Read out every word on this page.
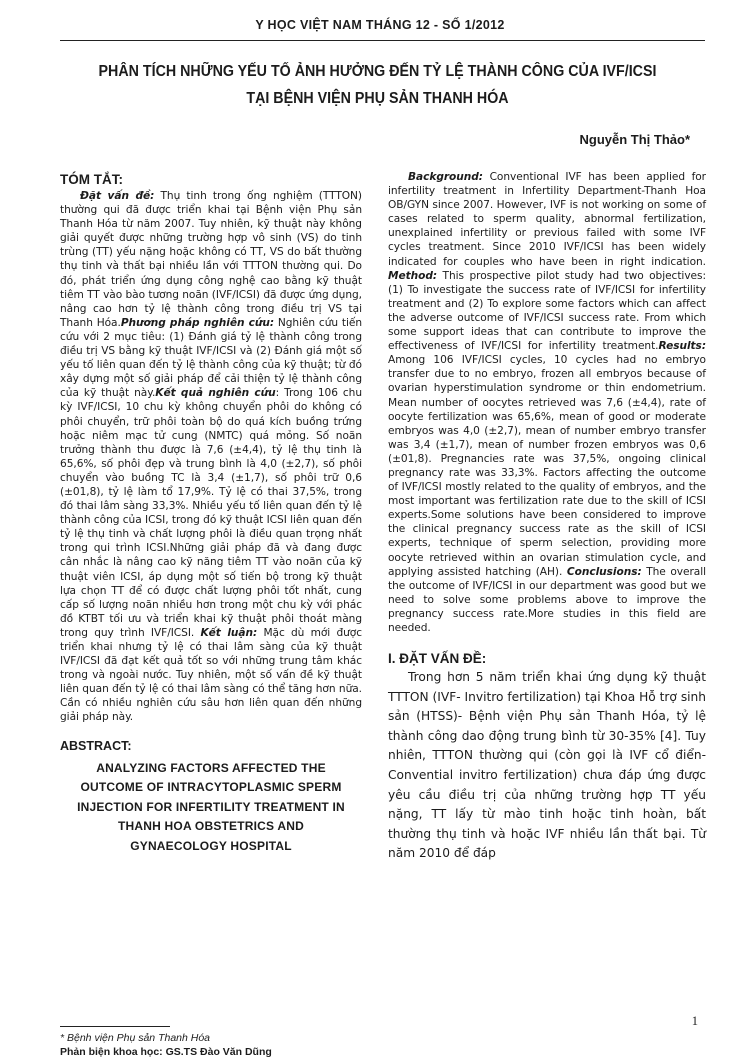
Y HỌC VIỆT NAM THÁNG 12 - SỐ 1/2012
PHÂN TÍCH NHỮNG YẾU TỐ ẢNH HƯỞNG ĐẾN TỶ LỆ THÀNH CÔNG CỦA IVF/ICSI
TẠI BỆNH VIỆN PHỤ SẢN THANH HÓA
Nguyễn Thị Thảo*
TÓM TẮT:

Đặt vấn đề: Thụ tinh trong ống nghiệm (TTTON) thường qui đã được triển khai tại Bệnh viện Phụ sản Thanh Hóa từ năm 2007. Tuy nhiên, kỹ thuật này không giải quyết được những trường hợp vô sinh (VS) do tinh trùng (TT) yếu nặng hoặc không có TT, VS do bất thường thụ tinh và thất bại nhiều lần với TTTON thường qui. Do đó, phát triển ứng dụng công nghệ cao bằng kỹ thuật tiêm TT vào bào tương noãn (IVF/ICSI) đã được ứng dụng, nâng cao hơn tỷ lệ thành công trong điều trị VS tại Thanh Hóa.Phương pháp nghiên cứu: Nghiên cứu tiến cứu với 2 mục tiêu: (1) Đánh giá tỷ lệ thành công trong điều trị VS bằng kỹ thuật IVF/ICSI và (2) Đánh giá một số yếu tố liên quan đến tỷ lệ thành công của kỹ thuật; từ đó xây dựng một số giải pháp để cải thiện tỷ lệ thành công của kỹ thuật này.Kết quả nghiên cứu: Trong 106 chu kỳ IVF/ICSI, 10 chu kỳ không chuyển phôi do không có phôi chuyển, trữ phôi toàn bộ do quá kích buồng trứng hoặc niêm mạc tử cung (NMTC) quá mỏng. Số noãn trưởng thành thu được là 7,6 (±4,4), tỷ lệ thụ tinh là 65,6%, số phôi đẹp và trung bình là 4,0 (±2,7), số phôi chuyển vào buồng TC là 3,4 (±1,7), số phôi trữ 0,6 (±01,8), tỷ lệ làm tổ 17,9%. Tỷ lệ có thai 37,5%, trong đó thai lâm sàng 33,3%. Nhiều yếu tố liên quan đến tỷ lệ thành công của ICSI, trong đó kỹ thuật ICSI liên quan đến tỷ lệ thụ tinh và chất lượng phôi là điều quan trọng nhất trong qui trình ICSI.Những giải pháp đã và đang được cân nhắc là nâng cao kỹ năng tiêm TT vào noãn của kỹ thuật viên ICSI, áp dụng một số tiến bộ trong kỹ thuật lựa chọn TT để có được chất lượng phôi tốt nhất, cung cấp số lượng noãn nhiều hơn trong một chu kỳ với phác đồ KTBT tối ưu và triển khai kỹ thuật phôi thoát màng trong quy trình IVF/ICSI. Kết luận: Mặc dù mới được triển khai nhưng tỷ lệ có thai lâm sàng của kỹ thuật IVF/ICSI đã đạt kết quả tốt so với những trung tâm khác trong và ngoài nước. Tuy nhiên, một số vấn đề kỹ thuật liên quan đến tỷ lệ có thai lâm sàng có thể tăng hơn nữa. Cần có nhiều nghiên cứu sâu hơn liên quan đến những giải pháp này.

ABSTRACT:
ANALYZING FACTORS AFFECTED THE
OUTCOME OF INTRACYTOPLASMIC SPERM
INJECTION FOR INFERTILITY TREATMENT IN
THANH HOA OBSTETRICS AND
GYNAECOLOGY HOSPITAL

Background: Conventional IVF has been applied for infertility treatment in Infertility Department-Thanh Hoa OB/GYN since 2007. However, IVF is not working on some of cases related to sperm quality, abnormal fertilization, unexplained infertility or previous failed with some IVF cycles treatment. Since 2010 IVF/ICSI has been widely indicated for couples who have been in right indication. Method: This prospective pilot study had two objectives: (1) To investigate the success rate of IVF/ICSI for infertility treatment and (2) To explore some factors which can affect the adverse outcome of IVF/ICSI success rate. From which some support ideas that can contribute to improve the effectiveness of IVF/ICSI for infertility treatment.Results: Among 106 IVF/ICSI cycles, 10 cycles had no embryo transfer due to no embryo, frozen all embryos because of ovarian hyperstimulation syndrome or thin endometrium. Mean number of oocytes retrieved was 7,6 (±4,4), rate of oocyte fertilization was 65,6%, mean of good or moderate embryos was 4,0 (±2,7), mean of number embryo transfer was 3,4 (±1,7), mean of number frozen embryos was 0,6 (±01,8). Pregnancies rate was 37,5%, ongoing clinical pregnancy rate was 33,3%. Factors affecting the outcome of IVF/ICSI mostly related to the quality of embryos, and the most important was fertilization rate due to the skill of ICSI experts.Some solutions have been considered to improve the clinical pregnancy success rate as the skill of ICSI experts, technique of sperm selection, providing more oocyte retrieved within an ovarian stimulation cycle, and applying assisted hatching (AH). Conclusions: The overall the outcome of IVF/ICSI in our department was good but we need to solve some problems above to improve the pregnancy success rate.More studies in this field are needed.

I. ĐẶT VẤN ĐỀ:

Trong hơn 5 năm triển khai ứng dụng kỹ thuật TTTON (IVF- Invitro fertilization) tại Khoa Hỗ trợ sinh sản (HTSS)- Bệnh viện Phụ sản Thanh Hóa, tỷ lệ thành công dao động trung bình từ 30-35% [4]. Tuy nhiên, TTTON thường qui (còn gọi là IVF cổ điển- Convential invitro fertilization) chưa đáp ứng được yêu cầu điều trị của những trường hợp TT yếu nặng, TT lấy từ mào tinh hoặc tinh hoàn, bất thường thụ tinh và hoặc IVF nhiều lần thất bại. Từ năm 2010 để đáp

* Bệnh viện Phụ sản Thanh Hóa
Phản biện khoa học: GS.TS Đào Văn Dũng
1
